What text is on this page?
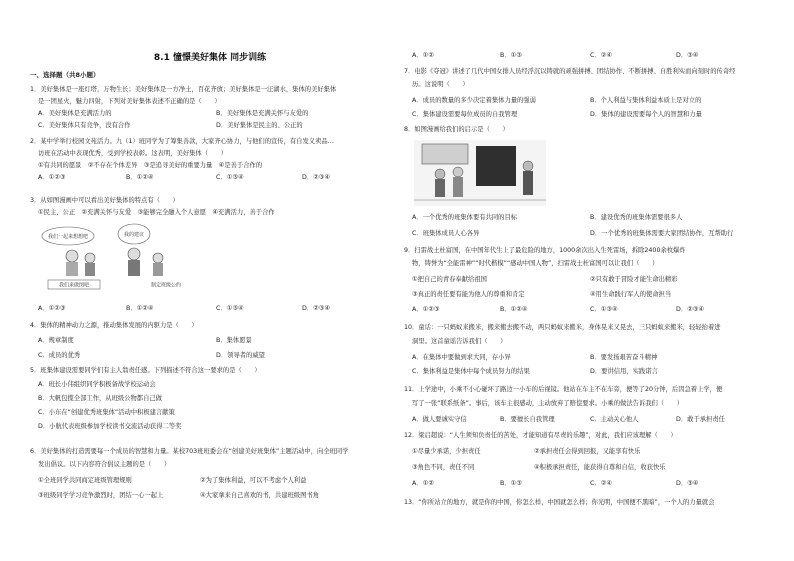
8.1 憧憬美好集体 同步训练
一、选择题（共8小题）
1．美好集体是一座灯塔，万物生长；美好集体是一方净土，百花齐放；美好集体是一汪湖水，集体的美好集体
是一团星火，魅力四射，下列对美好集体表述不正确的是（　　）
A．美好集体是充满活力的	B．美好集体是充满关怀与友爱的
C．美好集体只有竞争，没有合作	D．美好集体是民主的、公正的
2．某中学举行校园文苑活力。九（1）班同学为了筹集善款，大家齐心协力，与他们的宣传，有自发义卖品…
访班在活动中表现优秀，受到学校表彰。这表明，美好集体（　　）
①有共同的愿景　②不存在个体差异　③是追寻美好的重要力量　④是善于合作的
A．①②③	B．①②④	C．①③④	D．②③④
3．从如图漫画中可以看出美好集体的特点有（　　）
①民主、公正　②充满关怀与友爱　③能够完全融入个人意愿　④充满活力，善于合作
我们一起来想想吧	我的建议
我们来做图吧	制定班级公约
A．①②③	B．①②④	C．①③④	D．②③④
4．集体的精神动力之源，推动集体发展的内驱力是（　　）
A．规章制度	B．集体愿景
C．成员的优秀	D．领导者的威望
5．班集体建设需要同学们有主人翁责任感。下列描述不符合这一要求的是（　　）
A．班长小伟组织同学积极备战学校运动会
B．大帆包揽全部工作，从班级公物都自己做
C．小东在“创建优秀班集体”活动中积极建言献策
D．小航代表班级参加学校读书交流活动获得二等奖
6．美好集体的打造需要每一个成员的智慧和力量。某校703班班委会在“创建美好班集体”主题活动中，向全班同学
发出倡议。以下内容符合倡议主题的是（　　）
①全班同学共同商定班级管理规则	②为了集体利益，可以不考虑个人利益
③班级同学学习竞争激烈时，团结一心一起上	④大家拿来自己喜欢的书，共建班级图书角
A．①②	B．①③	C．②④	D．③④
7．电影《夺冠》讲述了几代中国女排人员经浮沉以铸就的顽强拼搏、团结协作、不断拼搏、自胜利实而向刻时的传奇经
历。这说明（　　）
A．成员的数量的多少决定着集体力量的强弱	B．个人利益与集体利益本质上是对立的
C．集体建设需要每位成员的自我管理	D．集体的建设需要每个人的智慧和力量
8．如图漫画给我们的启示是（　　）
A．一个优秀的班集体要有共同的目标	B．建设优秀的班集体需要很多人
C．班集体成员人心各异	D．一个优秀的班集体需要大家团结协作，互帮助行
9．扫雷战士杜富国，在中国年代生上了最危险的地方，1000余次出入生死雷场，拆除2400余枚爆炸
物，铸誉为“全能雷神”“时代楷模”“感动中国人物”，扫雷战士杜富国可以让我们（　　）
①把自己的青春奉献给祖国	②只有敢于冒险才能生命出精彩
③真正的责任要有能为他人的尊重和肯定	④用生命践行军人的使命担当
A．①②③	B．①②④	C．①③④	D．②③④
10．童话：一只蚂蚁来搬米，搬来搬去搬不动，两只蚂蚁来搬米，身体晃来又晃去，三只蚂蚁来搬米，轻轻抬着进
洞里。这首童谣告诉我们（　　）
A．在集体中要做到求大同，存小异	B．要发扬艰苦奋斗精神
C．集体利益是集体中每个成员努力的结果	D．要讲信用，实践诺言
11．上学途中，小乘不小心碰坏了路边一小车的后视镜。他站在车主不在车旁，便等了20分钟，后因急着上学，便
写了一张“联系纸条”。事后，该车主很感动，主动放弃了赔偿要求。小乘的做法告诉我们（　　）
A．做人要诚实守信	B．要擅长自我管理	C．主动关心他人	D．敢于承担责任
12．梁启超说：“人生须知负责任的苦处，才能知道有尽责的乐趣”，对此，我们应该理解（　　）
①尽量少承诺，少担责任	②承担责任会得到回报，又能享有快乐
③角色不同，责任不同	④积极承担责任，能获得自尊和自信，收获快乐
A．①②	B．①③	C．②④	D．③④
13．“你所站立的地方，就是你的中国，你怎么样，中国就怎么样；你光明，中国便不黑暗”，一个人的力量就会
